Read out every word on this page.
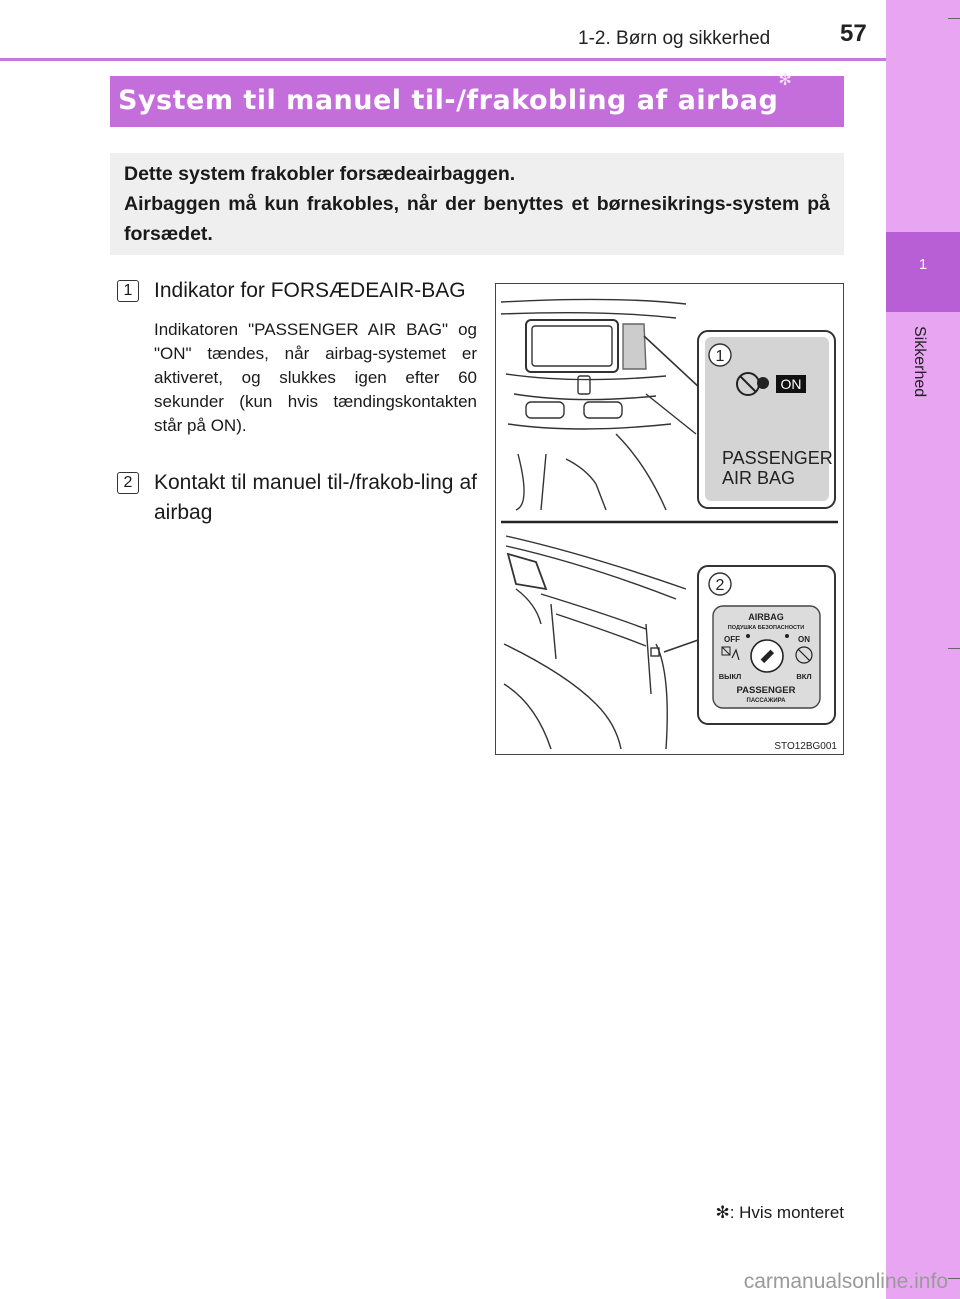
1
Sikkerhed
1-2. Børn og sikkerhed	57
System til manuel til-/frakobling af airbag✻

Dette system frakobler forsædeairbaggen.

Airbaggen må kun frakobles, når der benyttes et børnesikrings-system på forsædet.

1	Indikator for FORSÆDEAIR-BAG
Indikatoren "PASSENGER AIR BAG" og "ON" tændes, når airbag-systemet er aktiveret, og slukkes igen efter 60 sekunder (kun hvis tændingskontakten står på ON).
2	Kontakt til manuel til-/frakob-ling af airbag
1
ON
PASSENGER
AIR BAG
2
AIRBAG
ПОДУШКА БЕЗОПАСНОСТИ
OFF	ON
ВЫКЛ	ВКЛ
PASSENGER
ПАССАЖИРА
STO12BG001
✻: Hvis monteret
carmanualsonline.info
